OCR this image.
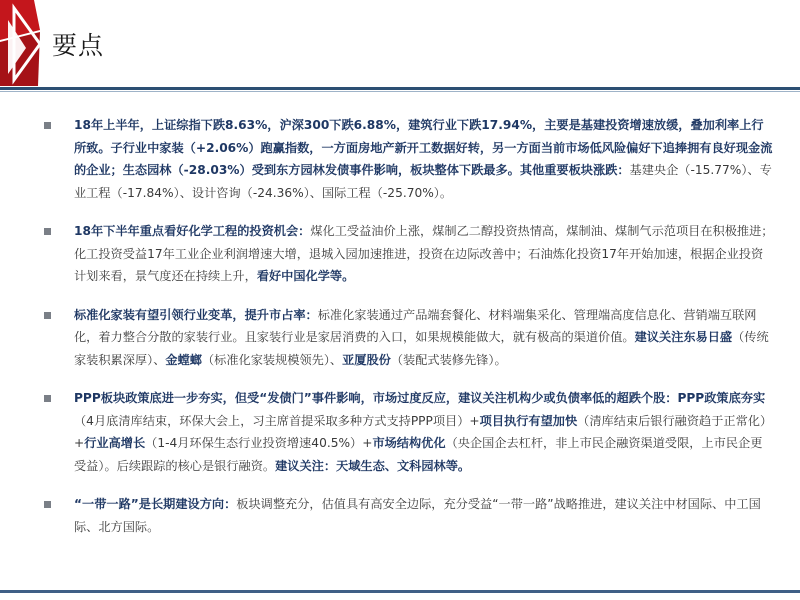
要点
18年上半年，上证综指下跌8.63%，沪深300下跌6.88%，建筑行业下跌17.94%，主要是基建投资增速放缓，叠加利率上行所致。子行业中家装（+2.06%）跑赢指数，一方面房地产新开工数据好转，另一方面当前市场低风险偏好下追捧拥有良好现金流的企业；生态园林（-28.03%）受到东方园林发债事件影响，板块整体下跌最多。其他重要板块涨跌：基建央企（-15.77%）、专业工程（-17.84%）、设计咨询（-24.36%）、国际工程（-25.70%）。
18年下半年重点看好化学工程的投资机会：煤化工受益油价上涨，煤制乙二醇投资热情高，煤制油、煤制气示范项目在积极推进；化工投资受益17年工业企业利润增速大增，退城入园加速推进，投资在边际改善中；石油炼化投资17年开始加速，根据企业投资计划来看，景气度还在持续上升，看好中国化学等。
标准化家装有望引领行业变革，提升市占率：标准化家装通过产品端套餐化、材料端集采化、管理端高度信息化、营销端互联网化，着力整合分散的家装行业。且家装行业是家居消费的入口，如果规模能做大，就有极高的渠道价值。建议关注东易日盛（传统家装积累深厚）、金螳螂（标准化家装规模领先）、亚厦股份（装配式装修先锋）。
PPP板块政策底进一步夯实，但受“发债门”事件影响，市场过度反应，建议关注机构少或负债率低的超跌个股：PPP政策底夯实（4月底清库结束，环保大会上，习主席首提采取多种方式支持PPP项目）+项目执行有望加快（清库结束后银行融资趋于正常化）+行业高增长（1-4月环保生态行业投资增速40.5%）+市场结构优化（央企国企去杠杆，非上市民企融资渠道受限，上市民企更受益）。后续跟踪的核心是银行融资。建议关注：天域生态、文科园林等。
“一带一路”是长期建设方向：板块调整充分，估值具有高安全边际，充分受益“一带一路”战略推进，建议关注中材国际、中工国际、北方国际。
